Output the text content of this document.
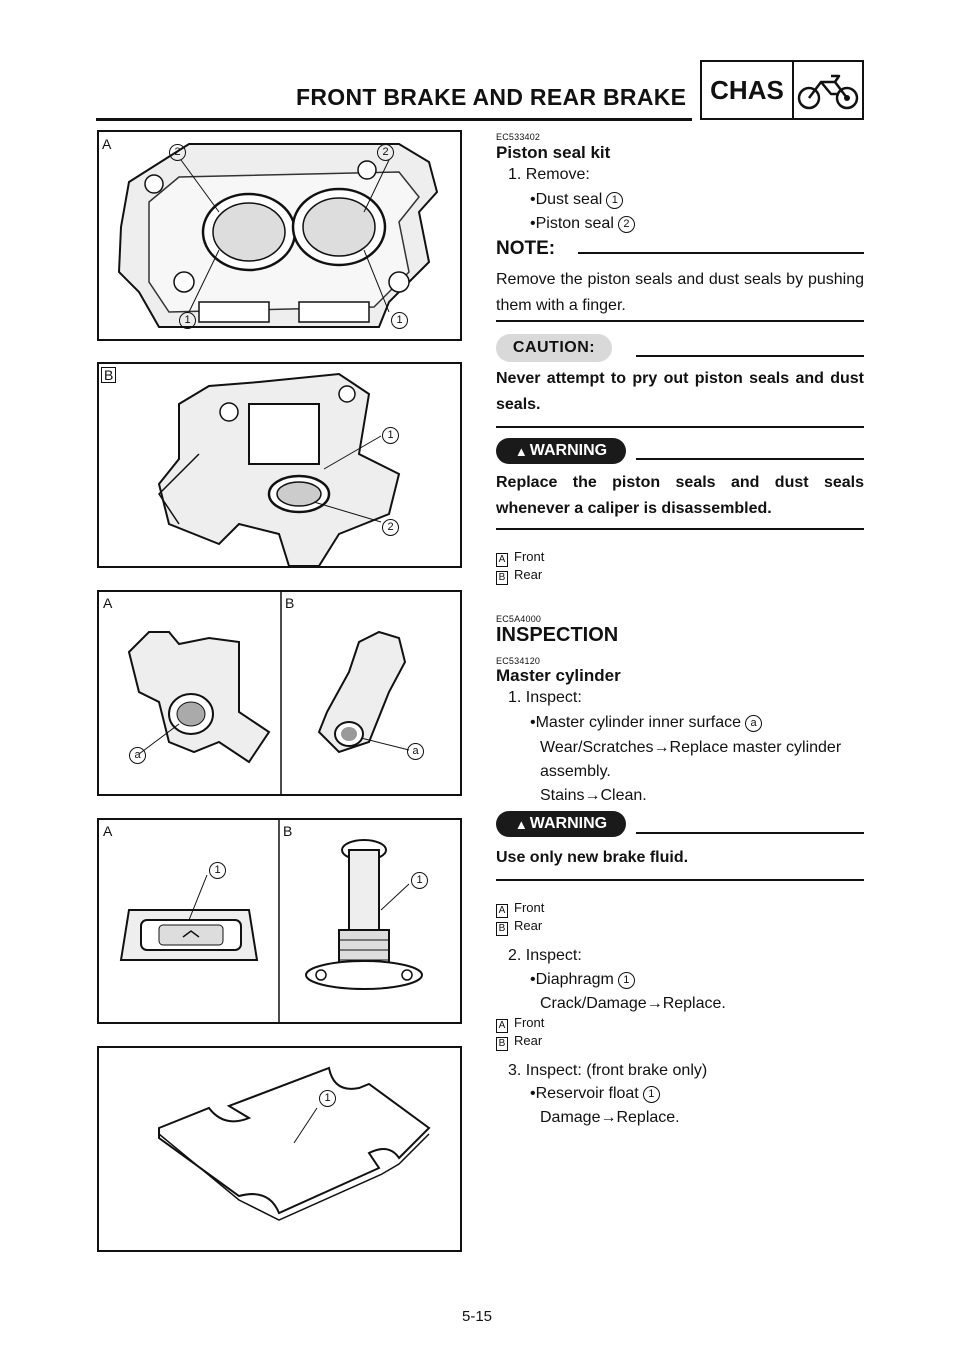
FRONT BRAKE AND REAR BRAKE CHAS
A	2	2
1	1
B
1
2
A	B
a	a
A	B
1
1
1
EC533402
Piston seal kit
1. Remove:
•Dust seal 1
•Piston seal 2
NOTE:
Remove the piston seals and dust seals by pushing them with a finger.
CAUTION:
Never attempt to pry out piston seals and dust seals.
▲ WARNING
Replace the piston seals and dust seals whenever a caliper is disassembled.
A Front
B Rear
EC5A4000
INSPECTION
EC534120
Master cylinder
1. Inspect:
•Master cylinder inner surface a
Wear/Scratches→Replace master cylinder
assembly.
Stains→Clean.
▲ WARNING
Use only new brake fluid.
A Front
B Rear
2. Inspect:
•Diaphragm 1
Crack/Damage→Replace.
A Front
B Rear
3. Inspect: (front brake only)
•Reservoir float 1
Damage→Replace.
5-15
